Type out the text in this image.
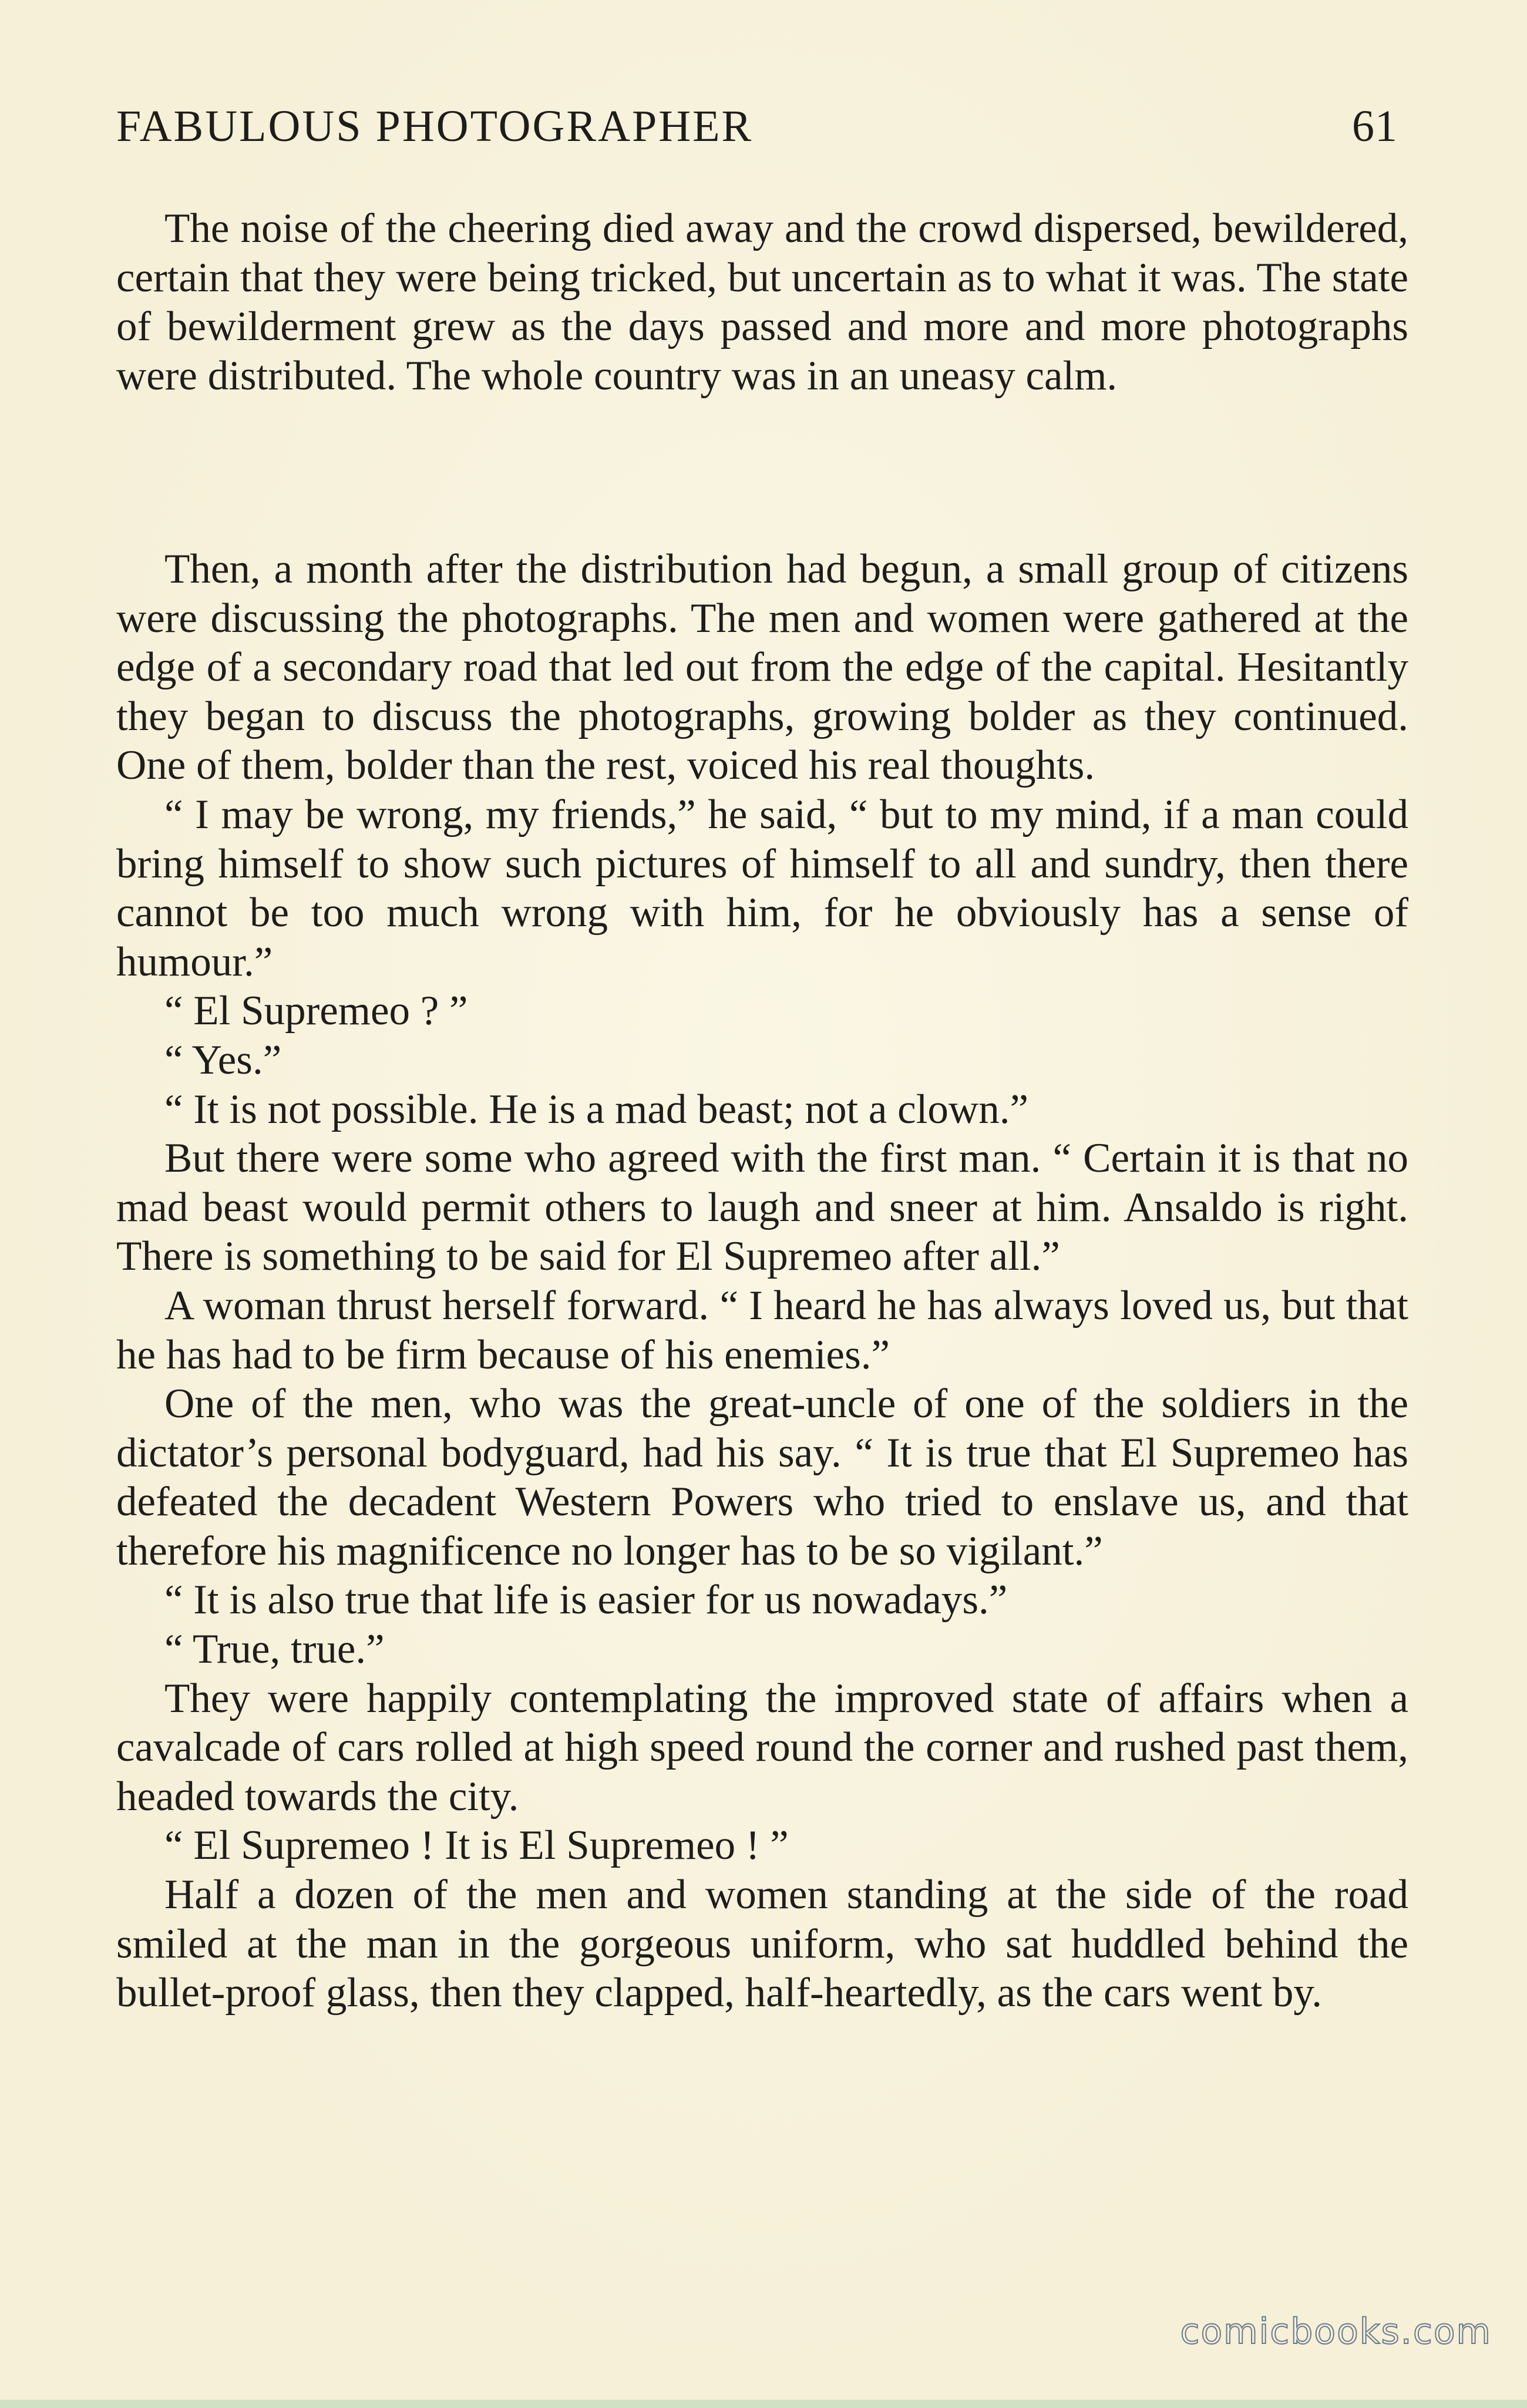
FABULOUS PHOTOGRAPHER	61

The noise of the cheering died away and the crowd dispersed, bewildered, certain that they were being tricked, but uncertain as to what it was. The state of bewilderment grew as the days passed and more and more photographs were distributed. The whole country was in an uneasy calm.

Then, a month after the distribution had begun, a small group of citizens were discussing the photographs. The men and women were gathered at the edge of a secondary road that led out from the edge of the capital. Hesitantly they began to discuss the photographs, growing bolder as they continued. One of them, bolder than the rest, voiced his real thoughts.

“ I may be wrong, my friends,” he said, “ but to my mind, if a man could bring himself to show such pictures of himself to all and sundry, then there cannot be too much wrong with him, for he obviously has a sense of humour.”

“ El Supremeo ? ”

“ Yes.”

“ It is not possible. He is a mad beast; not a clown.”

But there were some who agreed with the first man. “ Certain it is that no mad beast would permit others to laugh and sneer at him. Ansaldo is right. There is something to be said for El Supremeo after all.”

A woman thrust herself forward. “ I heard he has always loved us, but that he has had to be firm because of his enemies.”

One of the men, who was the great-uncle of one of the soldiers in the dictator’s personal bodyguard, had his say. “ It is true that El Supremeo has defeated the decadent Western Powers who tried to enslave us, and that therefore his magnificence no longer has to be so vigilant.”

“ It is also true that life is easier for us nowadays.”

“ True, true.”

They were happily contemplating the improved state of affairs when a cavalcade of cars rolled at high speed round the corner and rushed past them, headed towards the city.

“ El Supremeo ! It is El Supremeo ! ”

Half a dozen of the men and women standing at the side of the road smiled at the man in the gorgeous uniform, who sat huddled behind the bullet-proof glass, then they clapped, half-heartedly, as the cars went by.

comicbooks.com
